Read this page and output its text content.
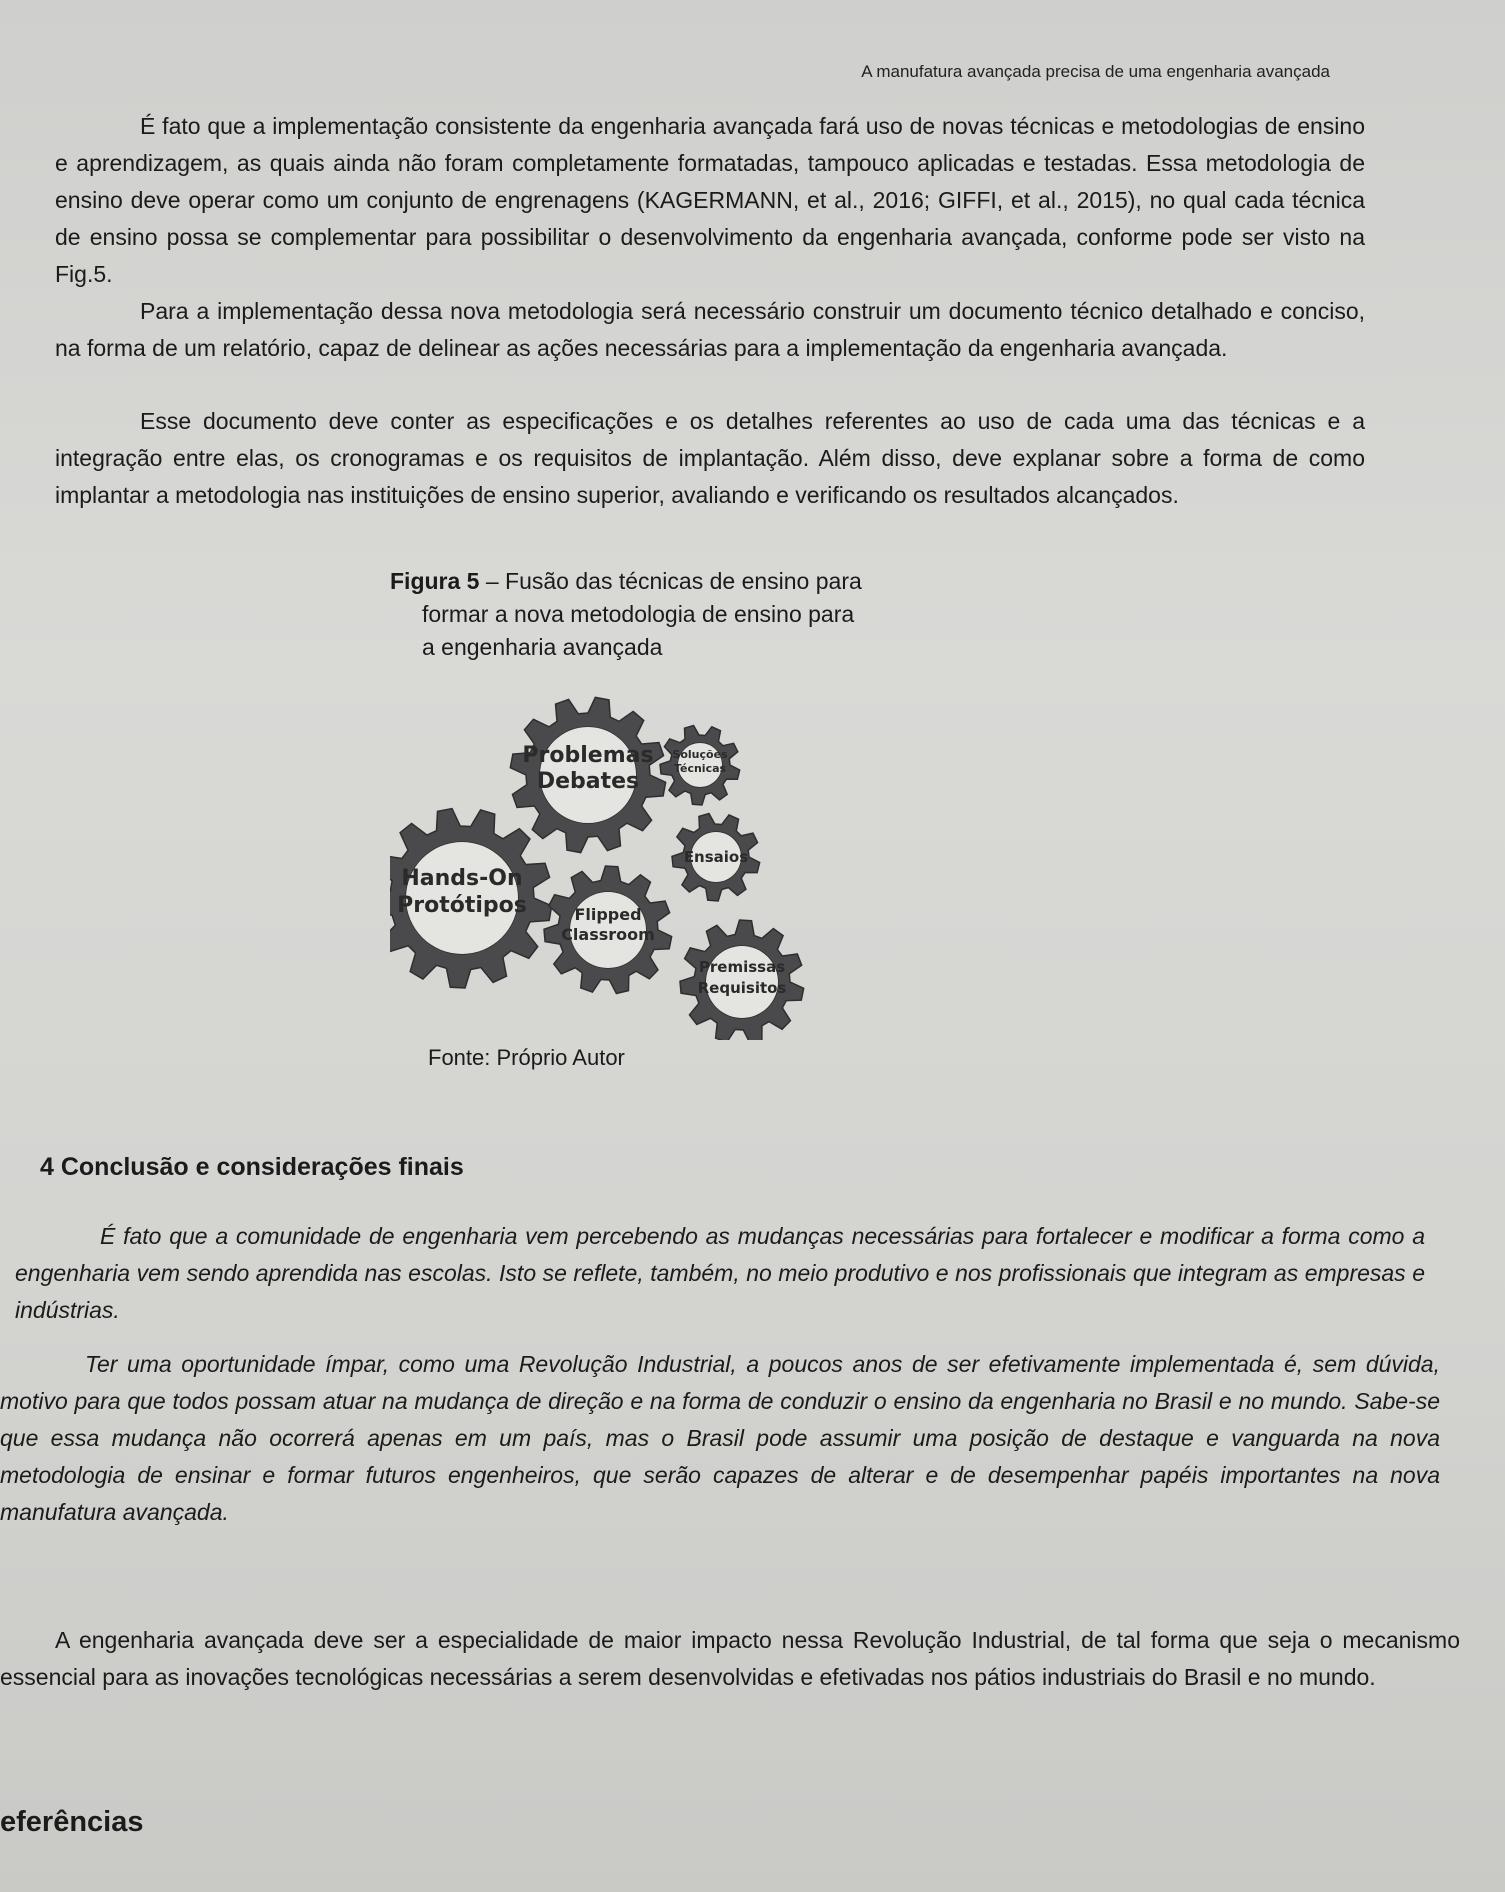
A manufatura avançada precisa de uma engenharia avançada

É fato que a implementação consistente da engenharia avançada fará uso de novas técnicas e metodologias de ensino e aprendizagem, as quais ainda não foram completamente formatadas, tampouco aplicadas e testadas. Essa metodologia de ensino deve operar como um conjunto de engrenagens (KAGERMANN, et al., 2016; GIFFI, et al., 2015), no qual cada técnica de ensino possa se complementar para possibilitar o desenvolvimento da engenharia avançada, conforme pode ser visto na Fig.5.

Para a implementação dessa nova metodologia será necessário construir um documento técnico detalhado e conciso, na forma de um relatório, capaz de delinear as ações necessárias para a implementação da engenharia avançada.

Esse documento deve conter as especificações e os detalhes referentes ao uso de cada uma das técnicas e a integração entre elas, os cronogramas e os requisitos de implantação. Além disso, deve explanar sobre a forma de como implantar a metodologia nas instituições de ensino superior, avaliando e verificando os resultados alcançados.

Figura 5 – Fusão das técnicas de ensino para
formar a nova metodologia de ensino para
a engenharia avançada
Problemas
Debates
Soluções
Técnicas
Ensaios
Hands-On
Protótipos	Flipped
Classroom
Premissas
Requisitos
Fonte: Próprio Autor
4 Conclusão e considerações finais

É fato que a comunidade de engenharia vem percebendo as mudanças necessárias para fortalecer e modificar a forma como a engenharia vem sendo aprendida nas escolas. Isto se reflete, também, no meio produtivo e nos profissionais que integram as empresas e indústrias.

Ter uma oportunidade ímpar, como uma Revolução Industrial, a poucos anos de ser efetivamente implementada é, sem dúvida, motivo para que todos possam atuar na mudança de direção e na forma de conduzir o ensino da engenharia no Brasil e no mundo. Sabe-se que essa mudança não ocorrerá apenas em um país, mas o Brasil pode assumir uma posição de destaque e vanguarda na nova metodologia de ensinar e formar futuros engenheiros, que serão capazes de alterar e de desempenhar papéis importantes na nova manufatura avançada.

A engenharia avançada deve ser a especialidade de maior impacto nessa Revolução Industrial, de tal forma que seja o mecanismo essencial para as inovações tecnológicas necessárias a serem desenvolvidas e efetivadas nos pátios industriais do Brasil e no mundo.

eferências
